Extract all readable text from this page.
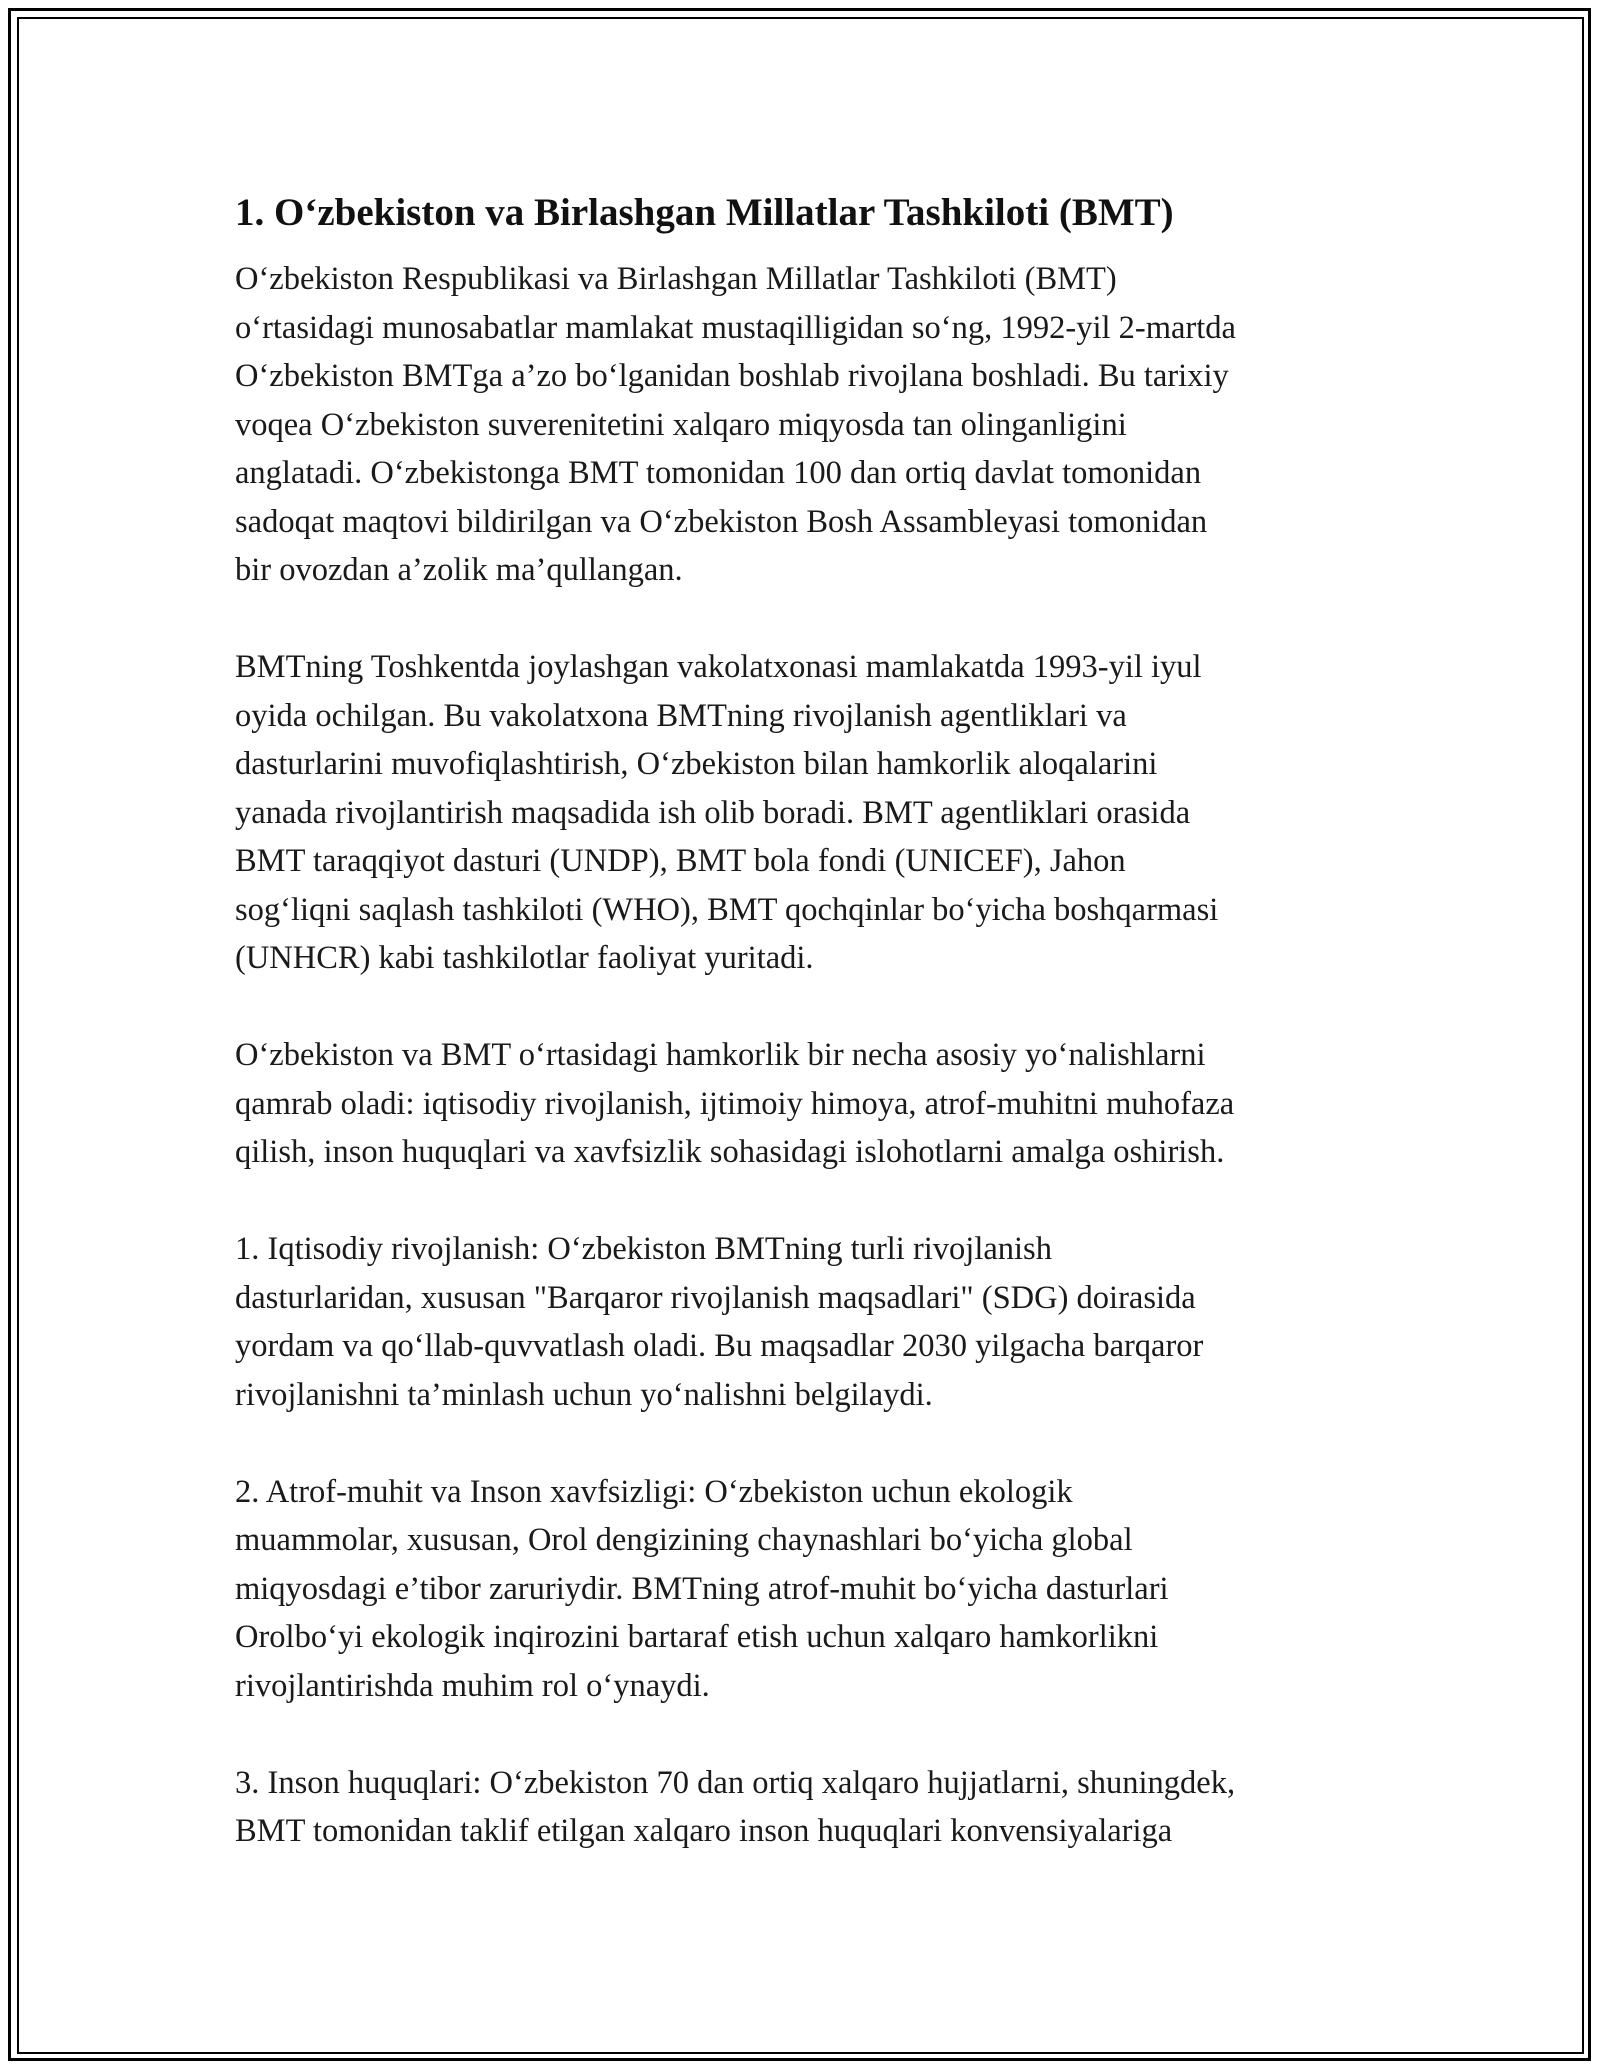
1. O‘zbekiston va Birlashgan Millatlar Tashkiloti (BMT)

O‘zbekiston Respublikasi va Birlashgan Millatlar Tashkiloti (BMT)
o‘rtasidagi munosabatlar mamlakat mustaqilligidan so‘ng, 1992-yil 2-martda
O‘zbekiston BMTga a’zo bo‘lganidan boshlab rivojlana boshladi. Bu tarixiy
voqea O‘zbekiston suverenitetini xalqaro miqyosda tan olinganligini
anglatadi. O‘zbekistonga BMT tomonidan 100 dan ortiq davlat tomonidan
sadoqat maqtovi bildirilgan va O‘zbekiston Bosh Assambleyasi tomonidan
bir ovozdan a’zolik ma’qullangan.

BMTning Toshkentda joylashgan vakolatxonasi mamlakatda 1993-yil iyul
oyida ochilgan. Bu vakolatxona BMTning rivojlanish agentliklari va
dasturlarini muvofiqlashtirish, O‘zbekiston bilan hamkorlik aloqalarini
yanada rivojlantirish maqsadida ish olib boradi. BMT agentliklari orasida
BMT taraqqiyot dasturi (UNDP), BMT bola fondi (UNICEF), Jahon
sog‘liqni saqlash tashkiloti (WHO), BMT qochqinlar bo‘yicha boshqarmasi
(UNHCR) kabi tashkilotlar faoliyat yuritadi.

O‘zbekiston va BMT o‘rtasidagi hamkorlik bir necha asosiy yo‘nalishlarni
qamrab oladi: iqtisodiy rivojlanish, ijtimoiy himoya, atrof-muhitni muhofaza
qilish, inson huquqlari va xavfsizlik sohasidagi islohotlarni amalga oshirish.

1. Iqtisodiy rivojlanish: O‘zbekiston BMTning turli rivojlanish
dasturlaridan, xususan "Barqaror rivojlanish maqsadlari" (SDG) doirasida
yordam va qo‘llab-quvvatlash oladi. Bu maqsadlar 2030 yilgacha barqaror
rivojlanishni ta’minlash uchun yo‘nalishni belgilaydi.

2. Atrof-muhit va Inson xavfsizligi: O‘zbekiston uchun ekologik
muammolar, xususan, Orol dengizining chaynashlari bo‘yicha global
miqyosdagi e’tibor zaruriydir. BMTning atrof-muhit bo‘yicha dasturlari
Orolbo‘yi ekologik inqirozini bartaraf etish uchun xalqaro hamkorlikni
rivojlantirishda muhim rol o‘ynaydi.

3. Inson huquqlari: O‘zbekiston 70 dan ortiq xalqaro hujjatlarni, shuningdek,
BMT tomonidan taklif etilgan xalqaro inson huquqlari konvensiyalariga
